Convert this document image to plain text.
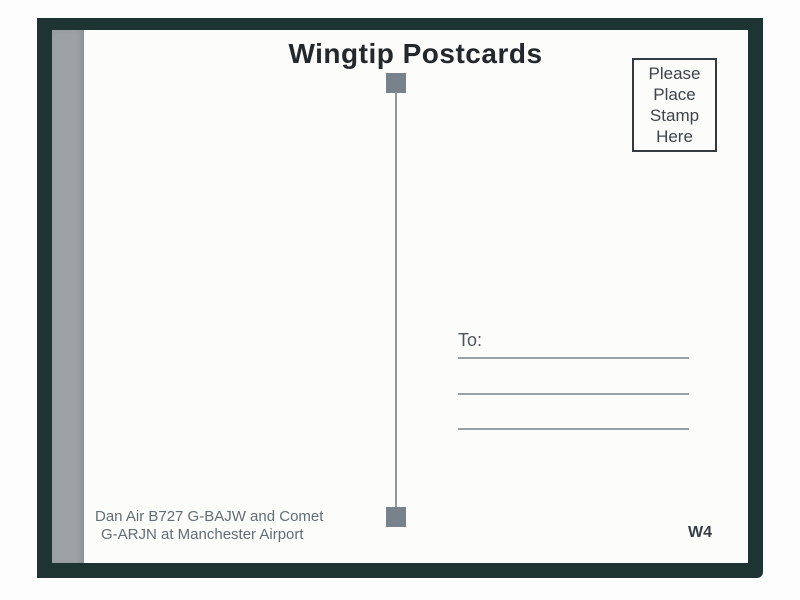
Wingtip Postcards
Please
Place
Stamp
Here
To:
Dan Air B727 G-BAJW and Comet
G-ARJN at Manchester Airport	W4
